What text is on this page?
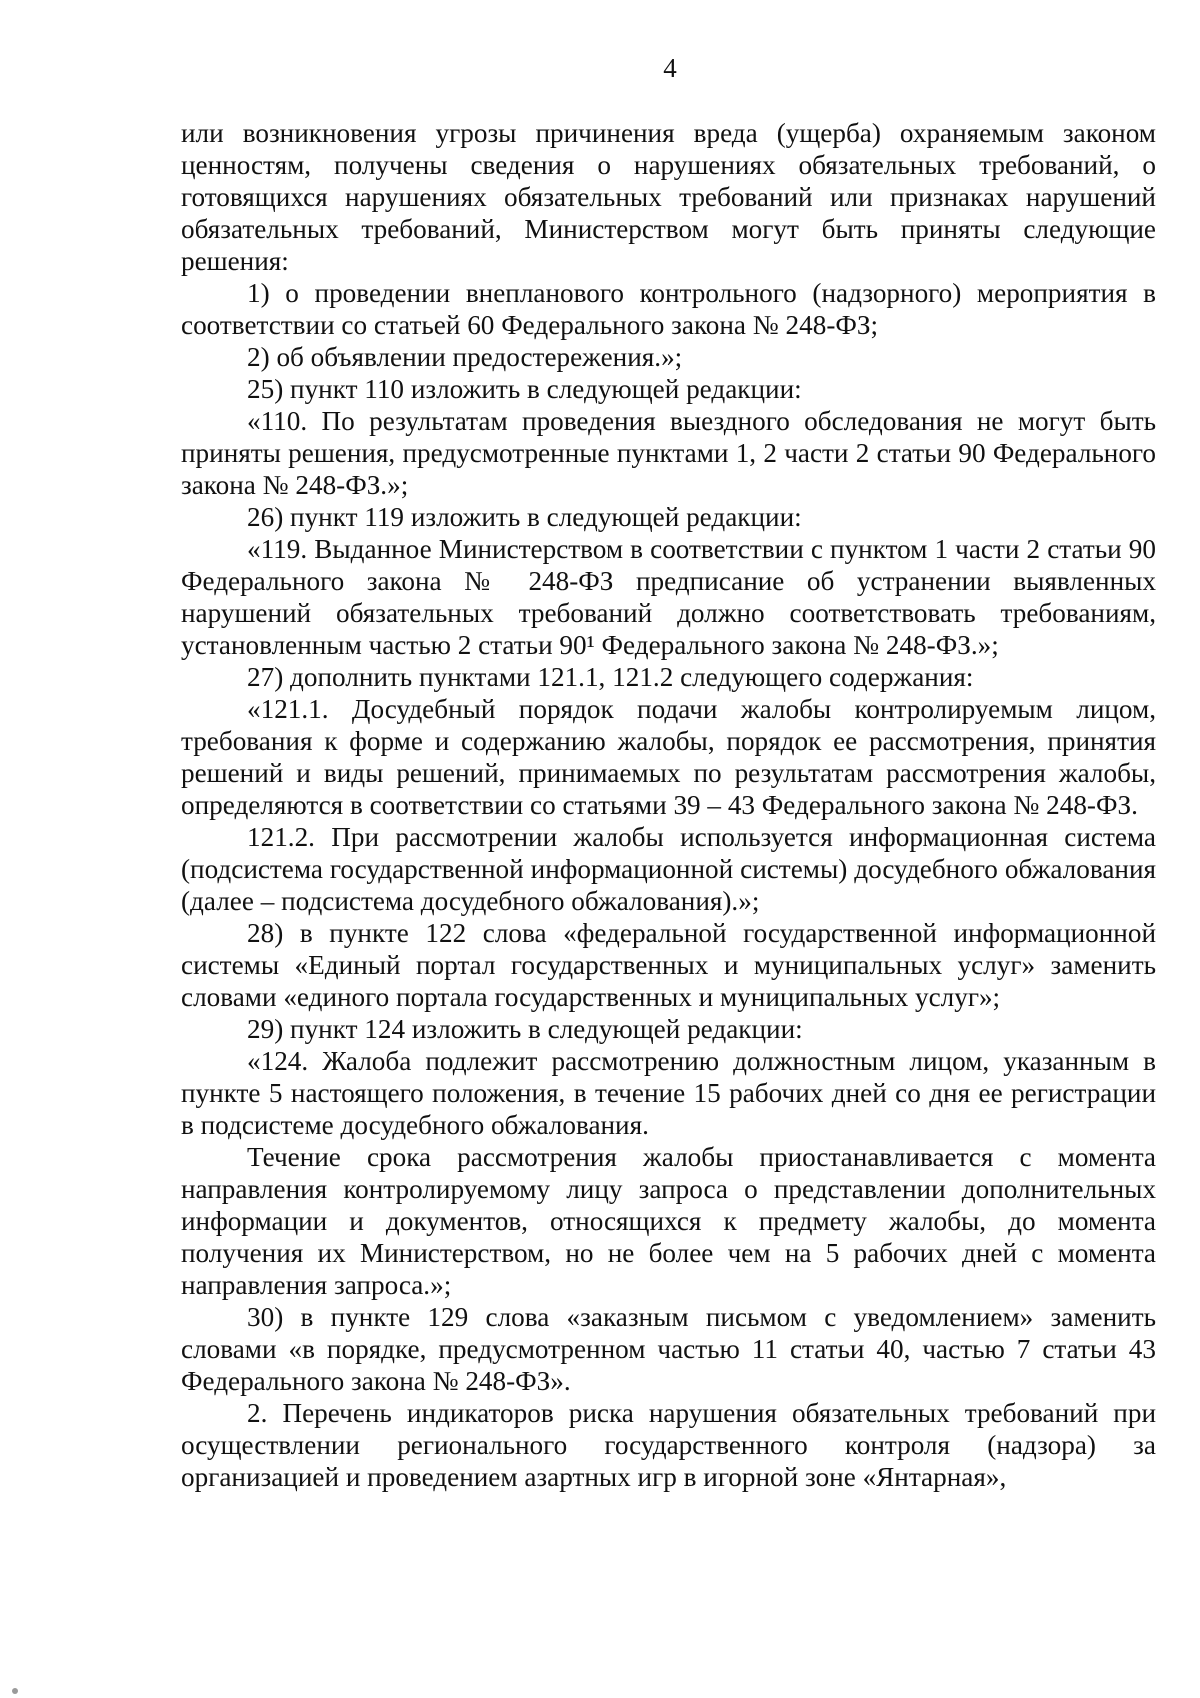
4

или возникновения угрозы причинения вреда (ущерба) охраняемым законом ценностям, получены сведения о нарушениях обязательных требований, о готовящихся нарушениях обязательных требований или признаках нарушений обязательных требований, Министерством могут быть приняты следующие решения:

1) о проведении внепланового контрольного (надзорного) мероприятия в соответствии со статьей 60 Федерального закона № 248-ФЗ;

2) об объявлении предостережения.»;

25) пункт 110 изложить в следующей редакции:

«110. По результатам проведения выездного обследования не могут быть приняты решения, предусмотренные пунктами 1, 2 части 2 статьи 90 Федерального закона № 248-ФЗ.»;

26) пункт 119 изложить в следующей редакции:

«119. Выданное Министерством в соответствии с пунктом 1 части 2 статьи 90 Федерального закона № 248-ФЗ предписание об устранении выявленных нарушений обязательных требований должно соответствовать требованиям, установленным частью 2 статьи 90¹ Федерального закона № 248-ФЗ.»;

27) дополнить пунктами 121.1, 121.2 следующего содержания:

«121.1. Досудебный порядок подачи жалобы контролируемым лицом, требования к форме и содержанию жалобы, порядок ее рассмотрения, принятия решений и виды решений, принимаемых по результатам рассмотрения жалобы, определяются в соответствии со статьями 39 – 43 Федерального закона № 248-ФЗ.

121.2. При рассмотрении жалобы используется информационная система (подсистема государственной информационной системы) досудебного обжалования (далее – подсистема досудебного обжалования).»;

28) в пункте 122 слова «федеральной государственной информационной системы «Единый портал государственных и муниципальных услуг» заменить словами «единого портала государственных и муниципальных услуг»;

29) пункт 124 изложить в следующей редакции:

«124. Жалоба подлежит рассмотрению должностным лицом, указанным в пункте 5 настоящего положения, в течение 15 рабочих дней со дня ее регистрации в подсистеме досудебного обжалования.

Течение срока рассмотрения жалобы приостанавливается с момента направления контролируемому лицу запроса о представлении дополнительных информации и документов, относящихся к предмету жалобы, до момента получения их Министерством, но не более чем на 5 рабочих дней с момента направления запроса.»;

30) в пункте 129 слова «заказным письмом с уведомлением» заменить словами «в порядке, предусмотренном частью 11 статьи 40, частью 7 статьи 43 Федерального закона № 248-ФЗ».

2. Перечень индикаторов риска нарушения обязательных требований при осуществлении регионального государственного контроля (надзора) за организацией и проведением азартных игр в игорной зоне «Янтарная»,
